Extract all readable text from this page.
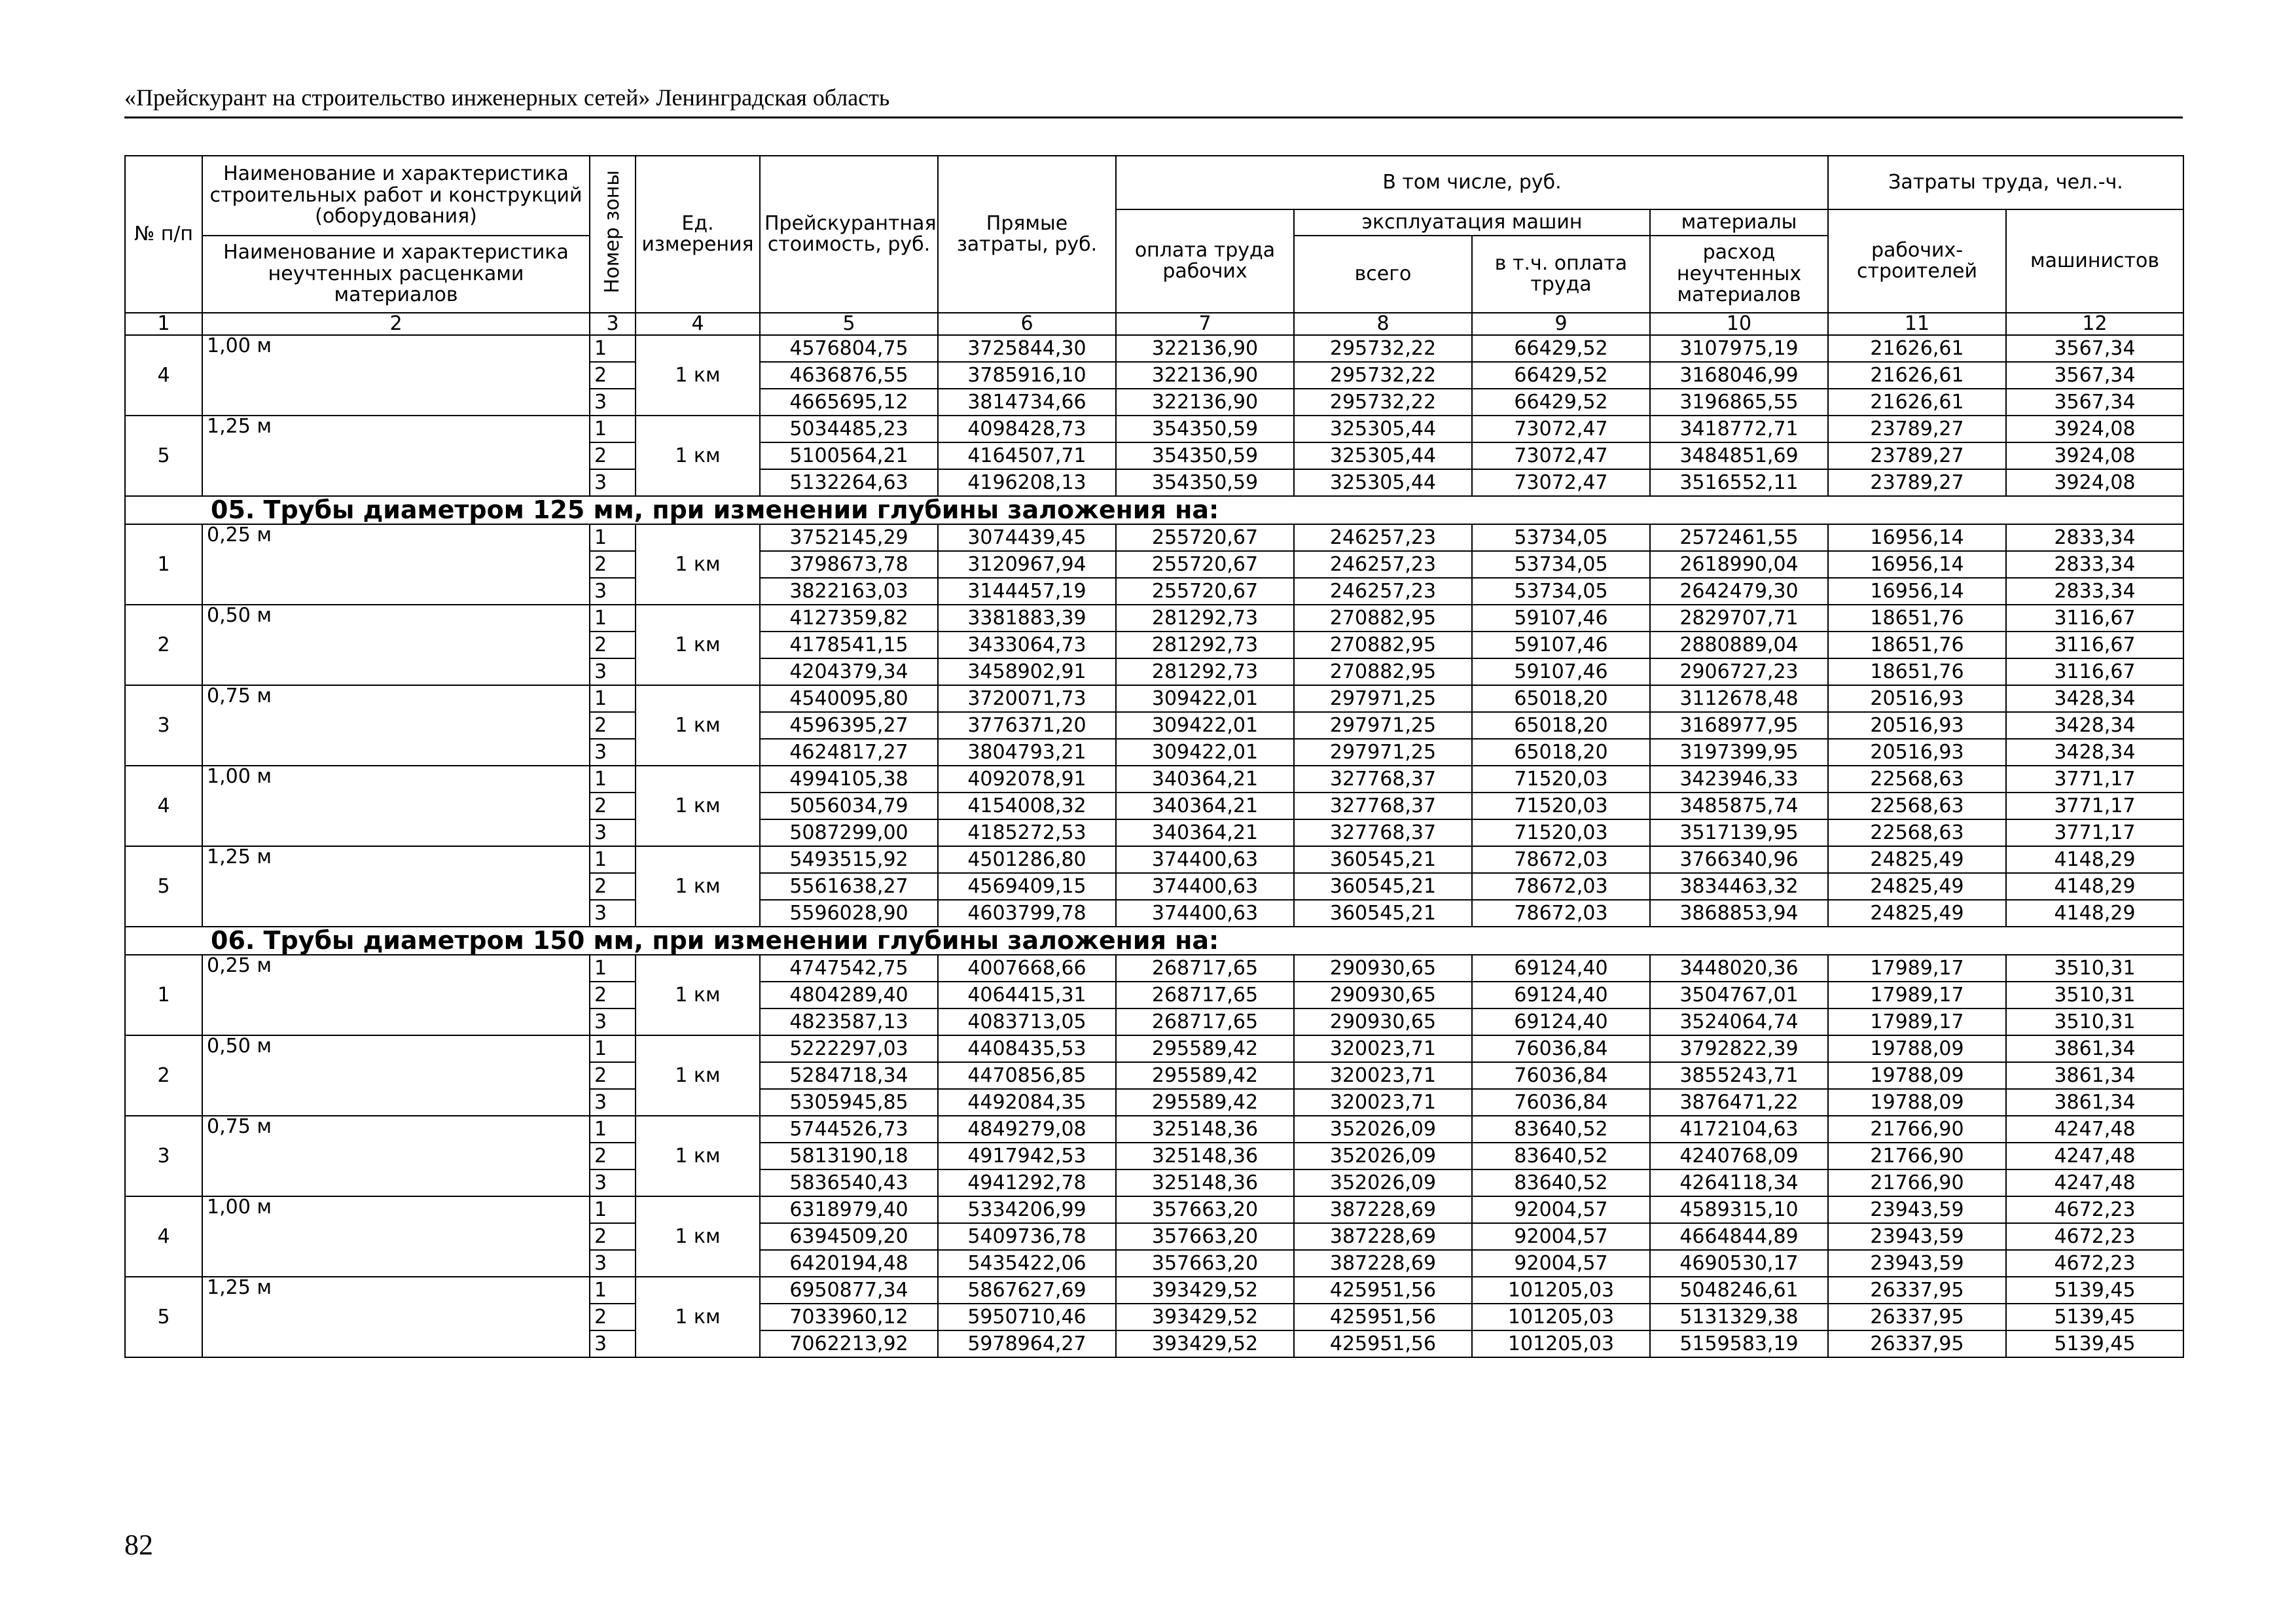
«Прейскурант на строительство инженерных сетей» Ленинградская область
№ п/п	Наименование и характеристика строительных работ и конструкций (оборудования)	Номер зоны	Ед. измерения	Прейскурантная стоимость, руб.	Прямые затраты, руб.	В том числе, руб.				Затраты труда, чел.-ч.	
						оплата труда рабочих	эксплуатация машин		материалы	рабочих-строителей	машинистов
	Наименование и характеристика неучтенных расценками материалов						всего	в т.ч. оплата труда	расход неучтенных материалов		
1	2	3	4	5	6	7	8	9	10	11	12
4	1,00 м	1	1 км	4576804,75	3725844,30	322136,90	295732,22	66429,52	3107975,19	21626,61	3567,34
		2		4636876,55	3785916,10	322136,90	295732,22	66429,52	3168046,99	21626,61	3567,34
		3		4665695,12	3814734,66	322136,90	295732,22	66429,52	3196865,55	21626,61	3567,34
5	1,25 м	1	1 км	5034485,23	4098428,73	354350,59	325305,44	73072,47	3418772,71	23789,27	3924,08
		2		5100564,21	4164507,71	354350,59	325305,44	73072,47	3484851,69	23789,27	3924,08
		3		5132264,63	4196208,13	354350,59	325305,44	73072,47	3516552,11	23789,27	3924,08
05. Трубы диаметром 125 мм, при изменении глубины заложения на:											
1	0,25 м	1	1 км	3752145,29	3074439,45	255720,67	246257,23	53734,05	2572461,55	16956,14	2833,34
		2		3798673,78	3120967,94	255720,67	246257,23	53734,05	2618990,04	16956,14	2833,34
		3		3822163,03	3144457,19	255720,67	246257,23	53734,05	2642479,30	16956,14	2833,34
2	0,50 м	1	1 км	4127359,82	3381883,39	281292,73	270882,95	59107,46	2829707,71	18651,76	3116,67
		2		4178541,15	3433064,73	281292,73	270882,95	59107,46	2880889,04	18651,76	3116,67
		3		4204379,34	3458902,91	281292,73	270882,95	59107,46	2906727,23	18651,76	3116,67
3	0,75 м	1	1 км	4540095,80	3720071,73	309422,01	297971,25	65018,20	3112678,48	20516,93	3428,34
		2		4596395,27	3776371,20	309422,01	297971,25	65018,20	3168977,95	20516,93	3428,34
		3		4624817,27	3804793,21	309422,01	297971,25	65018,20	3197399,95	20516,93	3428,34
4	1,00 м	1	1 км	4994105,38	4092078,91	340364,21	327768,37	71520,03	3423946,33	22568,63	3771,17
		2		5056034,79	4154008,32	340364,21	327768,37	71520,03	3485875,74	22568,63	3771,17
		3		5087299,00	4185272,53	340364,21	327768,37	71520,03	3517139,95	22568,63	3771,17
5	1,25 м	1	1 км	5493515,92	4501286,80	374400,63	360545,21	78672,03	3766340,96	24825,49	4148,29
		2		5561638,27	4569409,15	374400,63	360545,21	78672,03	3834463,32	24825,49	4148,29
		3		5596028,90	4603799,78	374400,63	360545,21	78672,03	3868853,94	24825,49	4148,29
06. Трубы диаметром 150 мм, при изменении глубины заложения на:											
1	0,25 м	1	1 км	4747542,75	4007668,66	268717,65	290930,65	69124,40	3448020,36	17989,17	3510,31
		2		4804289,40	4064415,31	268717,65	290930,65	69124,40	3504767,01	17989,17	3510,31
		3		4823587,13	4083713,05	268717,65	290930,65	69124,40	3524064,74	17989,17	3510,31
2	0,50 м	1	1 км	5222297,03	4408435,53	295589,42	320023,71	76036,84	3792822,39	19788,09	3861,34
		2		5284718,34	4470856,85	295589,42	320023,71	76036,84	3855243,71	19788,09	3861,34
		3		5305945,85	4492084,35	295589,42	320023,71	76036,84	3876471,22	19788,09	3861,34
3	0,75 м	1	1 км	5744526,73	4849279,08	325148,36	352026,09	83640,52	4172104,63	21766,90	4247,48
		2		5813190,18	4917942,53	325148,36	352026,09	83640,52	4240768,09	21766,90	4247,48
		3		5836540,43	4941292,78	325148,36	352026,09	83640,52	4264118,34	21766,90	4247,48
4	1,00 м	1	1 км	6318979,40	5334206,99	357663,20	387228,69	92004,57	4589315,10	23943,59	4672,23
		2		6394509,20	5409736,78	357663,20	387228,69	92004,57	4664844,89	23943,59	4672,23
		3		6420194,48	5435422,06	357663,20	387228,69	92004,57	4690530,17	23943,59	4672,23
5	1,25 м	1	1 км	6950877,34	5867627,69	393429,52	425951,56	101205,03	5048246,61	26337,95	5139,45
		2		7033960,12	5950710,46	393429,52	425951,56	101205,03	5131329,38	26337,95	5139,45
		3		7062213,92	5978964,27	393429,52	425951,56	101205,03	5159583,19	26337,95	5139,45
82
